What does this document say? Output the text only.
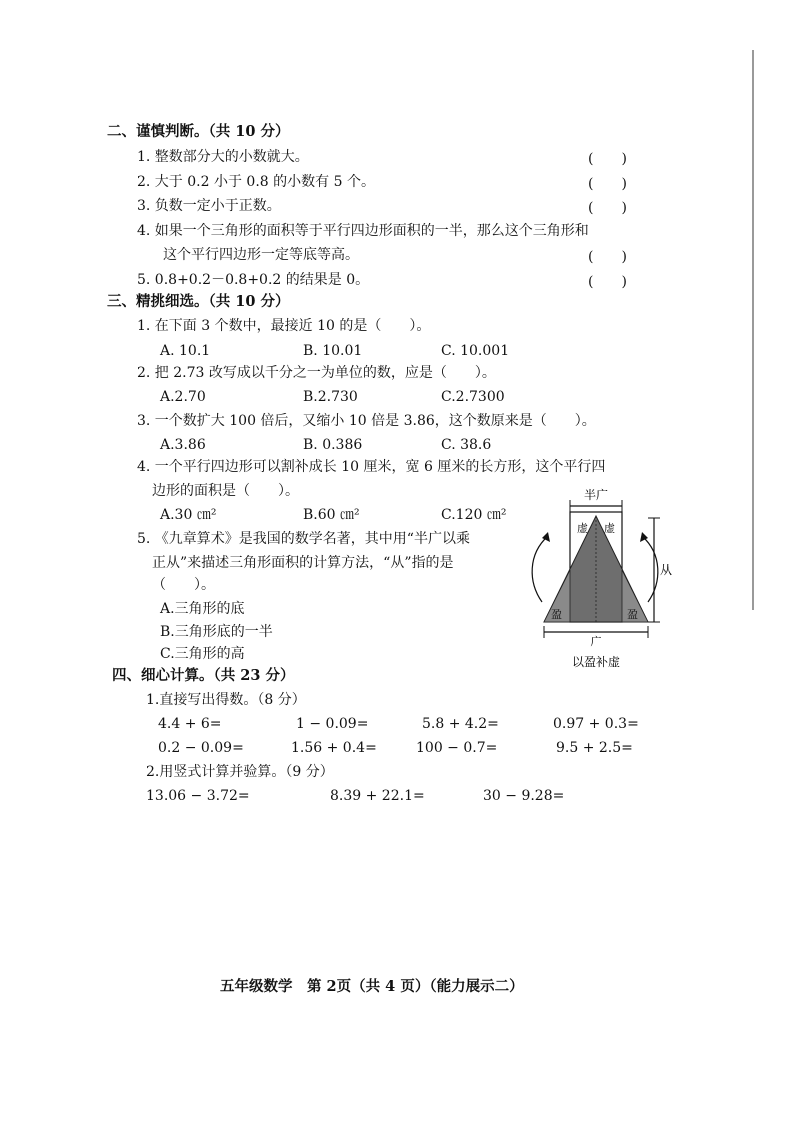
二、谨慎判断。（共 10 分）
1. 整数部分大的小数就大。	(　　)
2. 大于 0.2 小于 0.8 的小数有 5 个。	(　　)
3. 负数一定小于正数。	(　　)
4. 如果一个三角形的面积等于平行四边形面积的一半，那么这个三角形和
这个平行四边形一定等底等高。	(　　)
5. 0.8+0.2－0.8+0.2 的结果是 0。	(　　)
三、精挑细选。（共 10 分）
1. 在下面 3 个数中，最接近 10 的是（　　）。
A. 10.1	B. 10.01	C. 10.001
2. 把 2.73 改写成以千分之一为单位的数，应是（　　）。
A.2.70	B.2.730	C.2.7300
3. 一个数扩大 100 倍后，又缩小 10 倍是 3.86，这个数原来是（　　）。
A.3.86	B. 0.386	C. 38.6
4. 一个平行四边形可以割补成长 10 厘米，宽 6 厘米的长方形，这个平行四
边形的面积是（　　）。
A.30 ㎝²	B.60 ㎝²	C.120 ㎝²
5. 《九章算术》是我国的数学名著，其中用“半广以乘
正从”来描述三角形面积的计算方法，“从”指的是
（　　）。
A.三角形的底
B.三角形底的一半
C.三角形的高
半广
虚 虚
盈	盈
从
广
以盈补虚
四、细心计算。（共 23 分）
1.直接写出得数。（8 分）
4.4 + 6=	1 − 0.09=	5.8 + 4.2=	0.97 + 0.3=
0.2 − 0.09=	1.56 + 0.4=	100 − 0.7=	9.5 + 2.5=
2.用竖式计算并验算。（9 分）
13.06 − 3.72=	8.39 + 22.1=	30 − 9.28=
五年级数学　第 2页（共 4 页）（能力展示二）
